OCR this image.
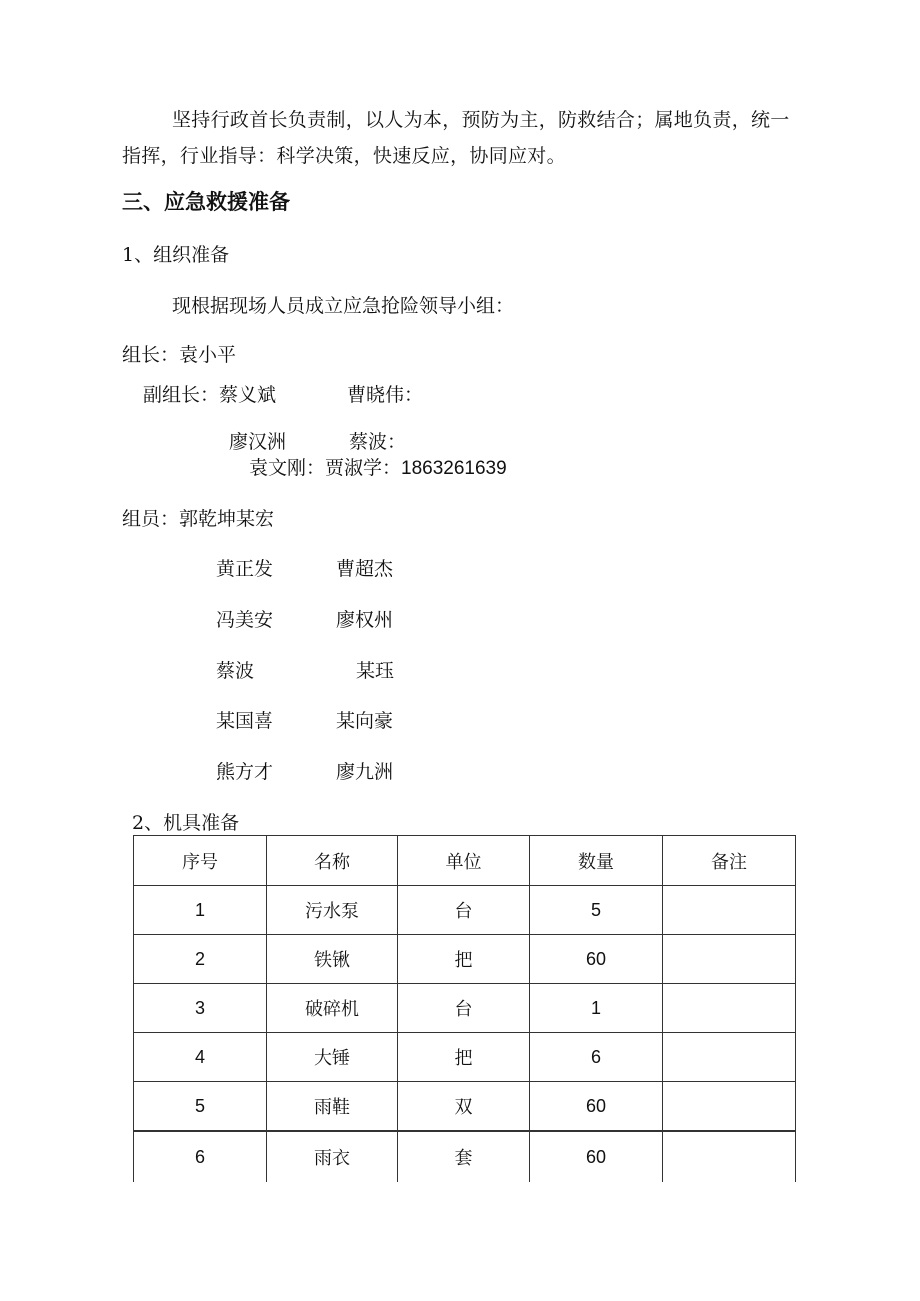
坚持行政首长负责制，以人为本，预防为主，防救结合；属地负责，统一指挥，行业指导：科学决策，快速反应，协同应对。
三、应急救援准备
1、组织准备
现根据现场人员成立应急抢险领导小组：
组长：袁小平
副组长：蔡义斌	曹晓伟：
廖汉洲	蔡波：
袁文刚：贾淑学：1863261639
组员：郭乾坤某宏
黄正发	曹超杰
冯美安	廖权州
蔡波	某珏
某国喜	某向豪
熊方才	廖九洲
2、机具准备
序号	名称	单位	数量	备注
1	污水泵	台	5	
2	铁锹	把	60	
3	破碎机	台	1	
4	大锤	把	6	
5	雨鞋	双	60	
6	雨衣	套	60	
